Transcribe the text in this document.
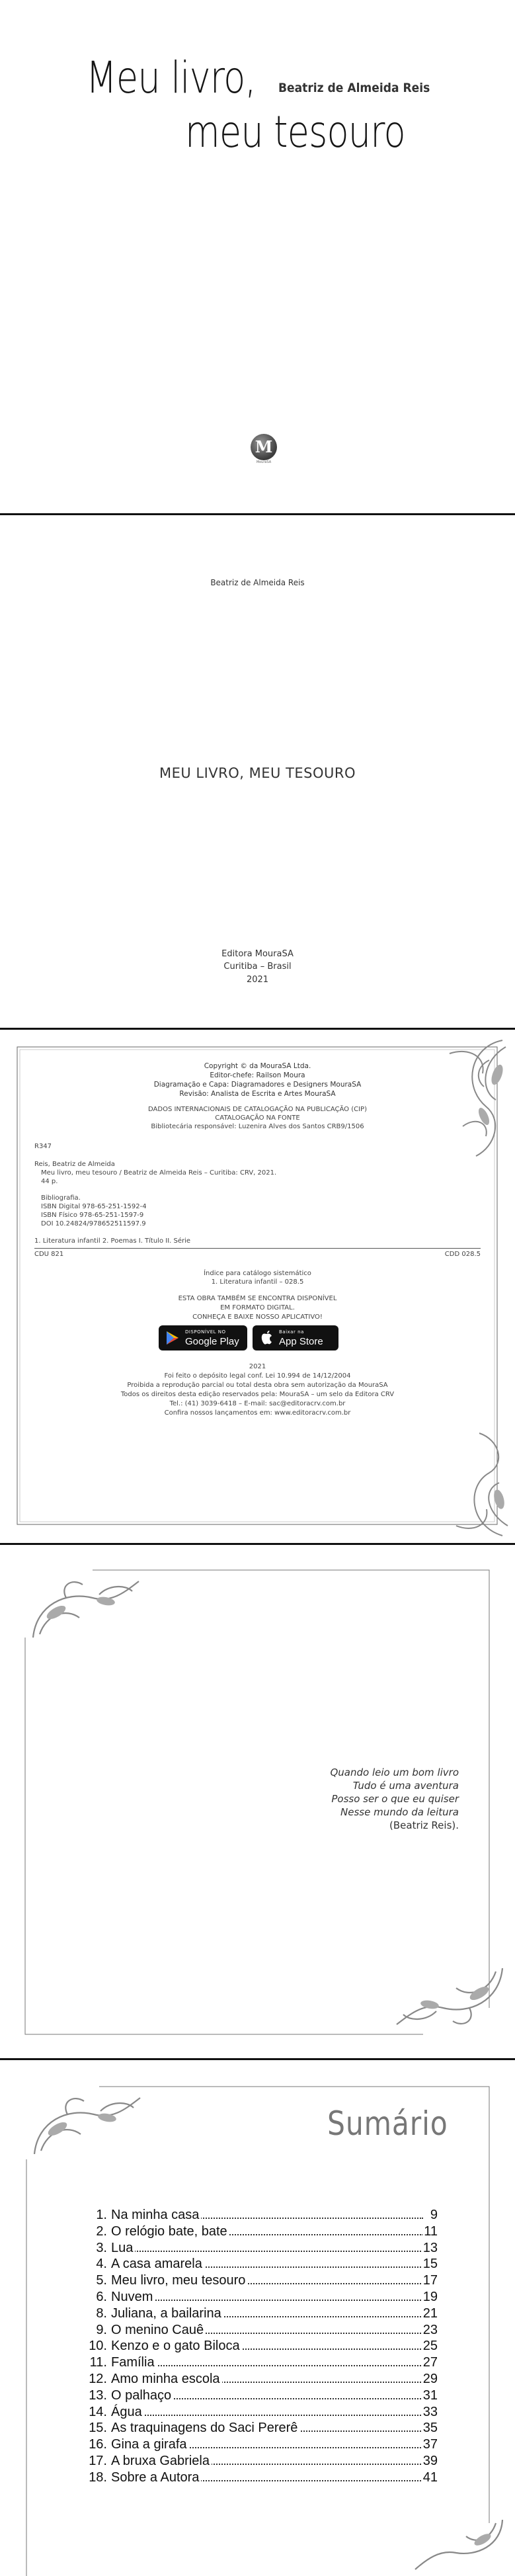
Meu livro,
meu tesouro
Beatriz de Almeida Reis
M
MouraSA
Beatriz de Almeida Reis
MEU LIVRO, MEU TESOURO
Editora MouraSA
Curitiba – Brasil
2021
Copyright © da MouraSA Ltda.
Editor-chefe: Railson Moura
Diagramação e Capa: Diagramadores e Designers MouraSA
Revisão: Analista de Escrita e Artes MouraSA
DADOS INTERNACIONAIS DE CATALOGAÇÃO NA PUBLICAÇÃO (CIP)
CATALOGAÇÃO NA FONTE
Bibliotecária responsável: Luzenira Alves dos Santos CRB9/1506
R347
Reis, Beatriz de Almeida
Meu livro, meu tesouro / Beatriz de Almeida Reis – Curitiba: CRV, 2021.
44 p.
Bibliografia.
ISBN Digital 978-65-251-1592-4
ISBN Físico 978-65-251-1597-9
DOI 10.24824/978652511597.9
1. Literatura infantil 2. Poemas I. Título II. Série
CDU 821	CDD 028.5
Índice para catálogo sistemático
1. Literatura infantil – 028.5
ESTA OBRA TAMBÉM SE ENCONTRA DISPONÍVEL
EM FORMATO DIGITAL.
CONHEÇA E BAIXE NOSSO APLICATIVO!
DISPONÍVEL NO
Google Play
Baixar na
App Store
2021
Foi feito o depósito legal conf. Lei 10.994 de 14/12/2004
Proibida a reprodução parcial ou total desta obra sem autorização da MouraSA
Todos os direitos desta edição reservados pela: MouraSA – um selo da Editora CRV
Tel.: (41) 3039-6418 – E-mail: sac@editoracrv.com.br
Confira nossos lançamentos em: www.editoracrv.com.br
Quando leio um bom livro
Tudo é uma aventura
Posso ser o que eu quiser
Nesse mundo da leitura
(Beatriz Reis).
Sumário
1. Na minha casa	9
2. O relógio bate, bate	11
3. Lua	13
4. A casa amarela	15
5. Meu livro, meu tesouro	17
6. Nuvem	19
8. Juliana, a bailarina	21
9. O menino Cauê	23
10. Kenzo e o gato Biloca	25
11. Família	27
12. Amo minha escola	29
13. O palhaço	31
14. Água	33
15. As traquinagens do Saci Pererê	35
16. Gina a girafa	37
17. A bruxa Gabriela	39
18. Sobre a Autora	41
